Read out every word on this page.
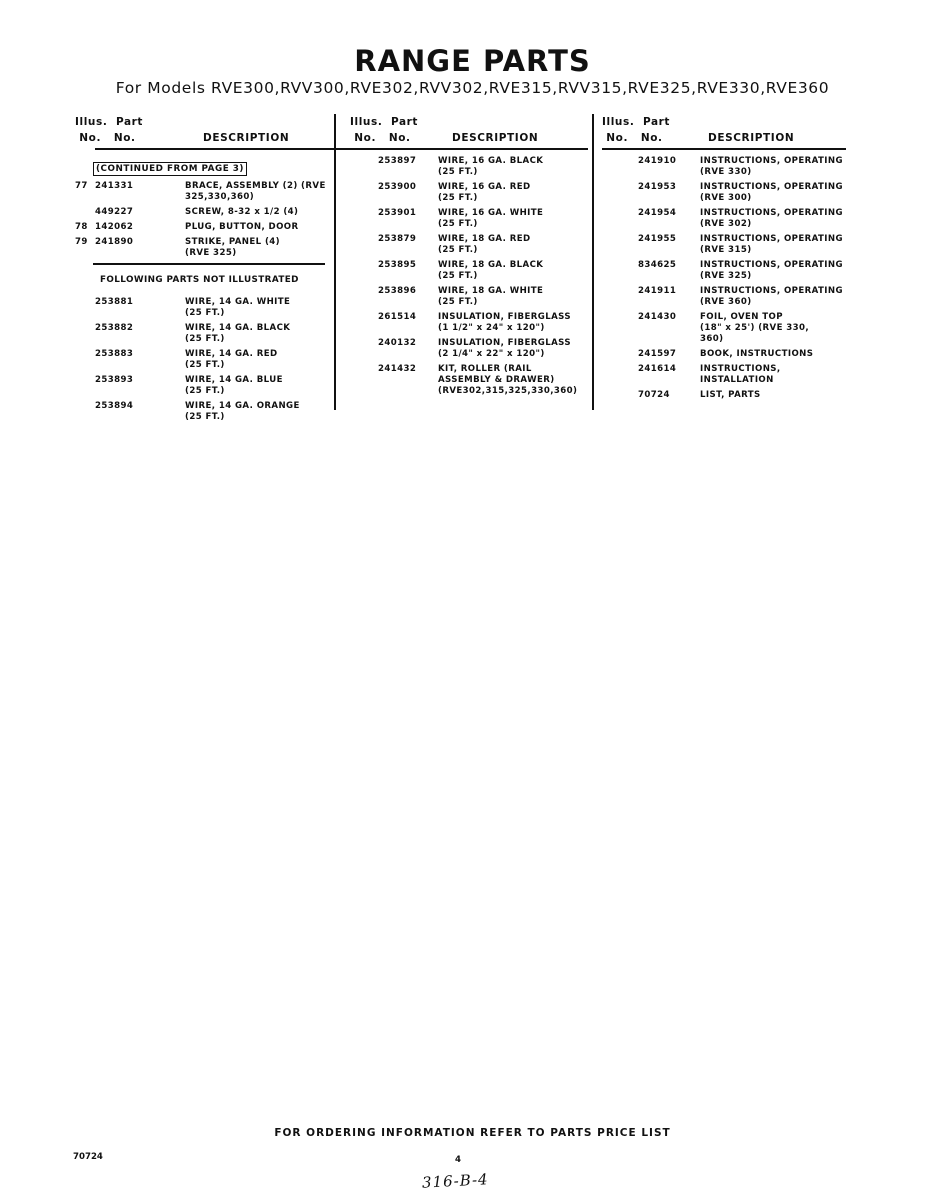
RANGE PARTS
For Models RVE300,RVV300,RVE302,RVV302,RVE315,RVV315,RVE325,RVE330,RVE360
Illus. Part
No. No.	DESCRIPTION
(CONTINUED FROM PAGE 3)
77 241331	BRACE, ASSEMBLY (2) (RVE
325,330,360)
449227	SCREW, 8-32 x 1/2 (4)
78 142062	PLUG, BUTTON, DOOR
79 241890	STRIKE, PANEL (4)
(RVE 325)
FOLLOWING PARTS NOT ILLUSTRATED
253881	WIRE, 14 GA. WHITE
(25 FT.)
253882	WIRE, 14 GA. BLACK
(25 FT.)
253883	WIRE, 14 GA. RED
(25 FT.)
253893	WIRE, 14 GA. BLUE
(25 FT.)
253894	WIRE, 14 GA. ORANGE
(25 FT.)
Illus. Part
No. No.	DESCRIPTION
253897	WIRE, 16 GA. BLACK
(25 FT.)
253900	WIRE, 16 GA. RED
(25 FT.)
253901	WIRE, 16 GA. WHITE
(25 FT.)
253879	WIRE, 18 GA. RED
(25 FT.)
253895	WIRE, 18 GA. BLACK
(25 FT.)
253896	WIRE, 18 GA. WHITE
(25 FT.)
261514	INSULATION, FIBERGLASS
(1 1/2" x 24" x 120")
240132	INSULATION, FIBERGLASS
(2 1/4" x 22" x 120")
241432	KIT, ROLLER (RAIL
ASSEMBLY & DRAWER)
(RVE302,315,325,330,360)
Illus. Part
No. No.	DESCRIPTION
241910	INSTRUCTIONS, OPERATING
(RVE 330)
241953	INSTRUCTIONS, OPERATING
(RVE 300)
241954	INSTRUCTIONS, OPERATING
(RVE 302)
241955	INSTRUCTIONS, OPERATING
(RVE 315)
834625	INSTRUCTIONS, OPERATING
(RVE 325)
241911	INSTRUCTIONS, OPERATING
(RVE 360)
241430	FOIL, OVEN TOP
(18" x 25') (RVE 330,
360)
241597	BOOK, INSTRUCTIONS
241614	INSTRUCTIONS,
INSTALLATION
70724	LIST, PARTS
FOR ORDERING INFORMATION REFER TO PARTS PRICE LIST
70724	4
316-B-4
